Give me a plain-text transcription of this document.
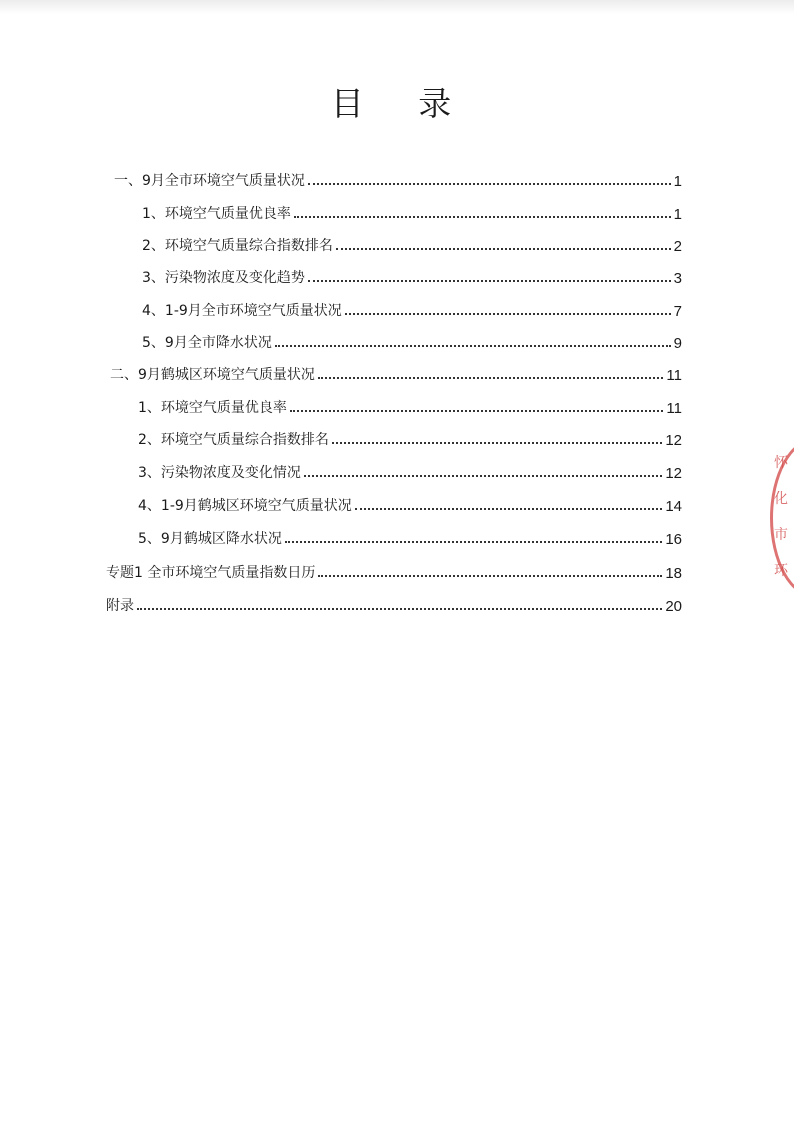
目 录
一、9月全市环境空气质量状况	1
1、环境空气质量优良率	1
2、环境空气质量综合指数排名	2
3、污染物浓度及变化趋势	3
4、1-9月全市环境空气质量状况	7
5、9月全市降水状况	9
二、9月鹤城区环境空气质量状况	11
1、环境空气质量优良率	11
2、环境空气质量综合指数排名	12
3、污染物浓度及变化情况	12
4、1-9月鹤城区环境空气质量状况	14
5、9月鹤城区降水状况	16
专题1 全市环境空气质量指数日历	18
附录	20
怀
化
市
环
